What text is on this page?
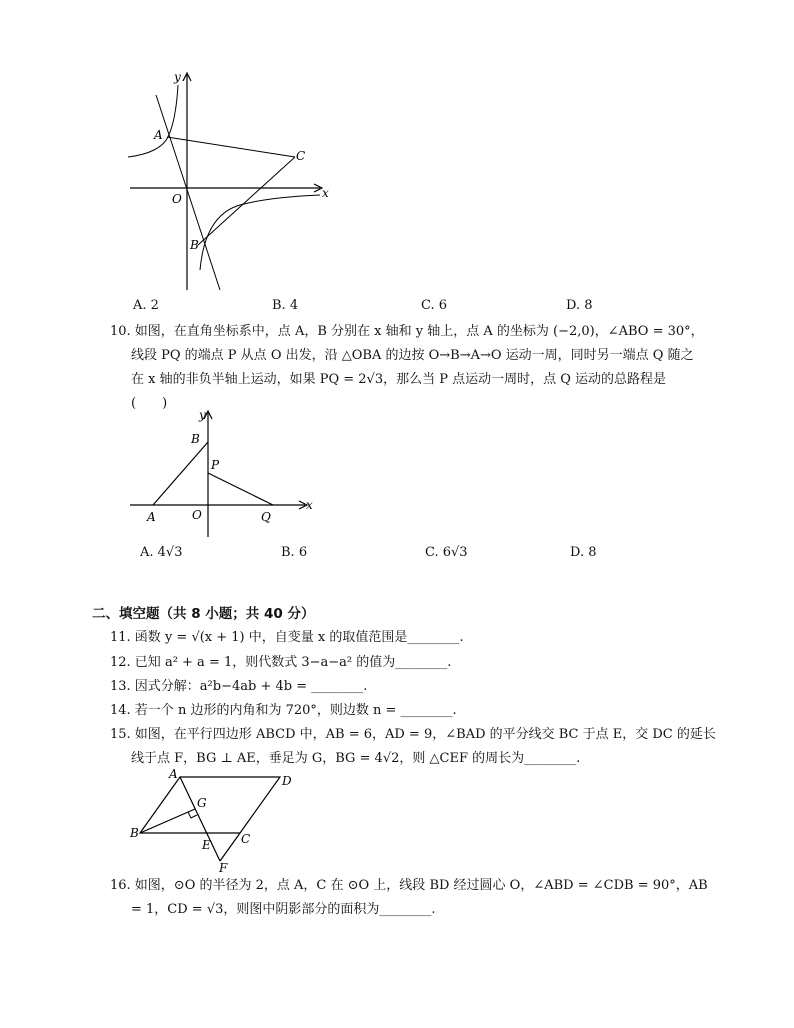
y
x
A
C
O
B
A. 2	B. 4	C. 6	D. 8
10. 如图，在直角坐标系中，点 A，B 分别在 x 轴和 y 轴上，点 A 的坐标为 (−2,0)，∠ABO = 30°，
线段 PQ 的端点 P 从点 O 出发，沿 △OBA 的边按 O→B→A→O 运动一周，同时另一端点 Q 随之
在 x 轴的非负半轴上运动，如果 PQ = 2√3，那么当 P 点运动一周时，点 Q 运动的总路程是
(　　)
y
B
P
x
A	O	Q
A. 4√3	B. 6	C. 6√3	D. 8
二、填空题（共 8 小题；共 40 分）
11. 函数 y = √(x + 1) 中，自变量 x 的取值范围是________.
12. 已知 a² + a = 1，则代数式 3−a−a² 的值为________.
13. 因式分解：a²b−4ab + 4b = ________.
14. 若一个 n 边形的内角和为 720°，则边数 n = ________.
15. 如图，在平行四边形 ABCD 中，AB = 6，AD = 9，∠BAD 的平分线交 BC 于点 E，交 DC 的延长
线于点 F，BG ⊥ AE，垂足为 G，BG = 4√2，则 △CEF 的周长为________.
A	D
G
B
E	C
F
16. 如图，⊙O 的半径为 2，点 A，C 在 ⊙O 上，线段 BD 经过圆心 O，∠ABD = ∠CDB = 90°，AB
= 1，CD = √3，则图中阴影部分的面积为________.
